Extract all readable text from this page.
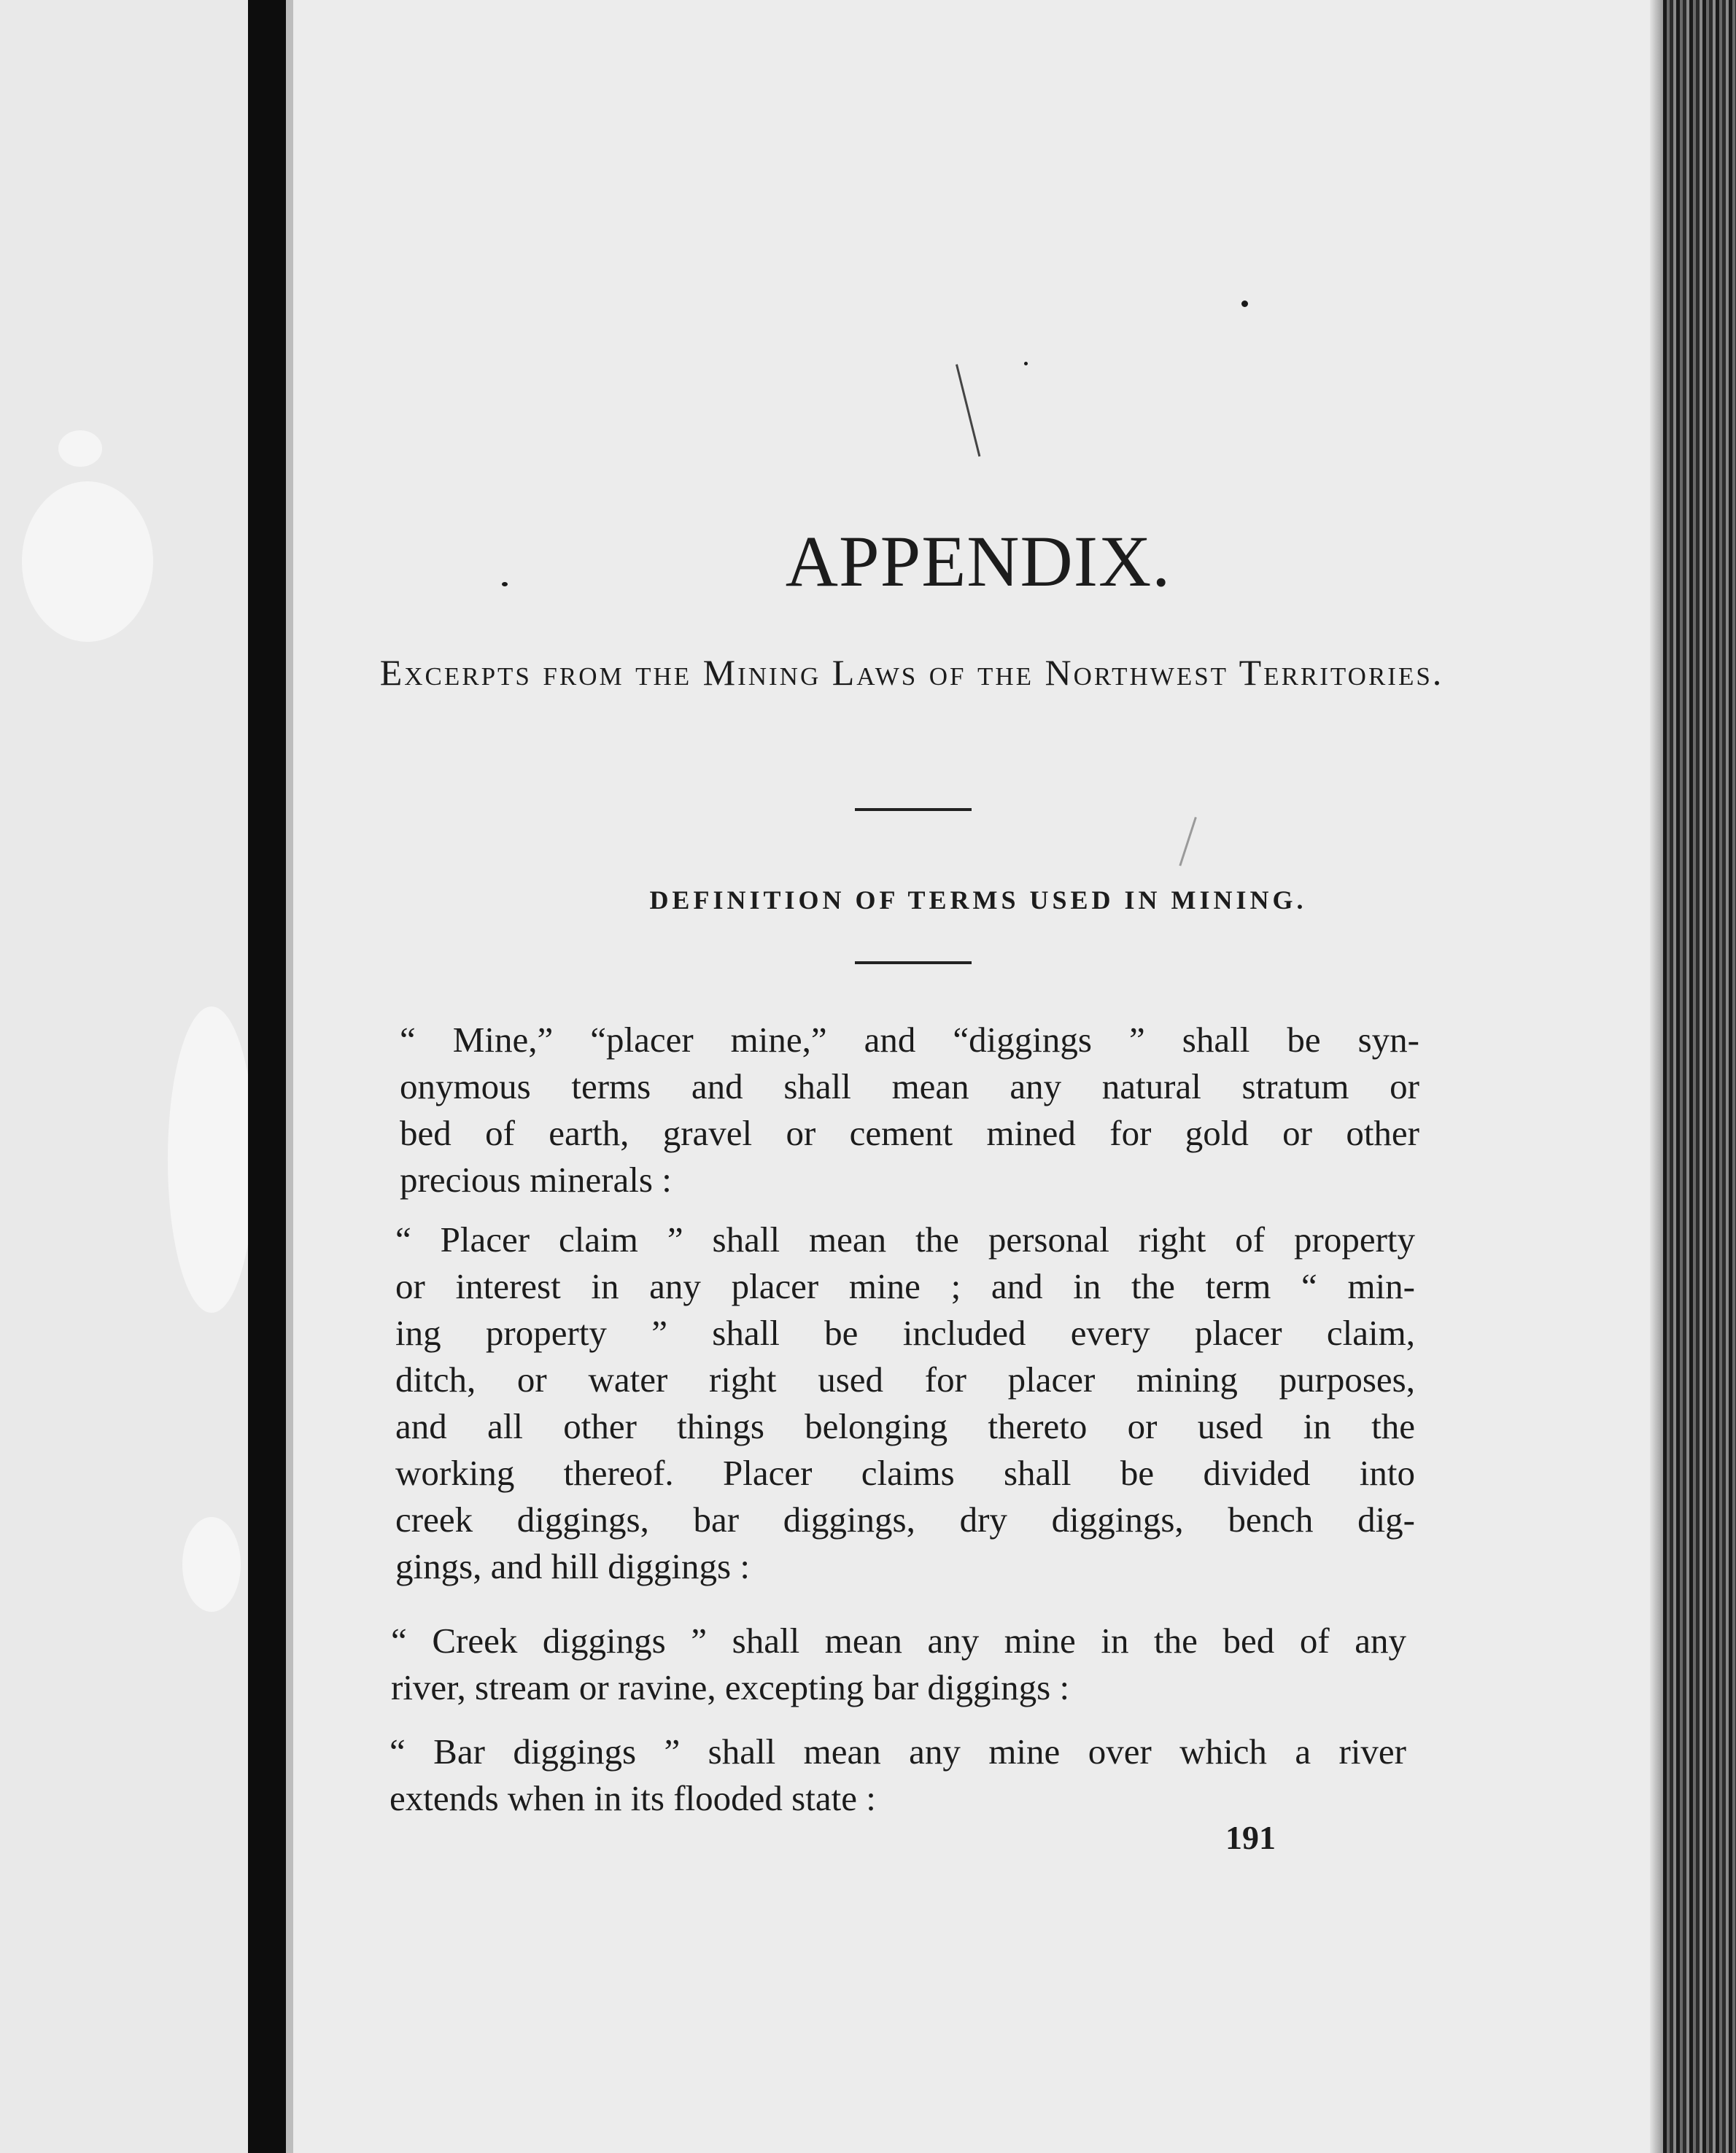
APPENDIX.
Excerpts from the Mining Laws of the Northwest Territories.
DEFINITION OF TERMS USED IN MINING.
“ Mine,” “placer mine,” and “diggings ” shall be syn-
onymous terms and shall mean any natural stratum or
bed of earth, gravel or cement mined for gold or other
precious minerals :
“ Placer claim ” shall mean the personal right of property
or interest in any placer mine ; and in the term “ min-
ing property ” shall be included every placer claim,
ditch, or water right used for placer mining purposes,
and all other things belonging thereto or used in the
working thereof. Placer claims shall be divided into
creek diggings, bar diggings, dry diggings, bench dig-
gings, and hill diggings :
“ Creek diggings ” shall mean any mine in the bed of any
river, stream or ravine, excepting bar diggings :
“ Bar diggings ” shall mean any mine over which a river
extends when in its flooded state :
191
